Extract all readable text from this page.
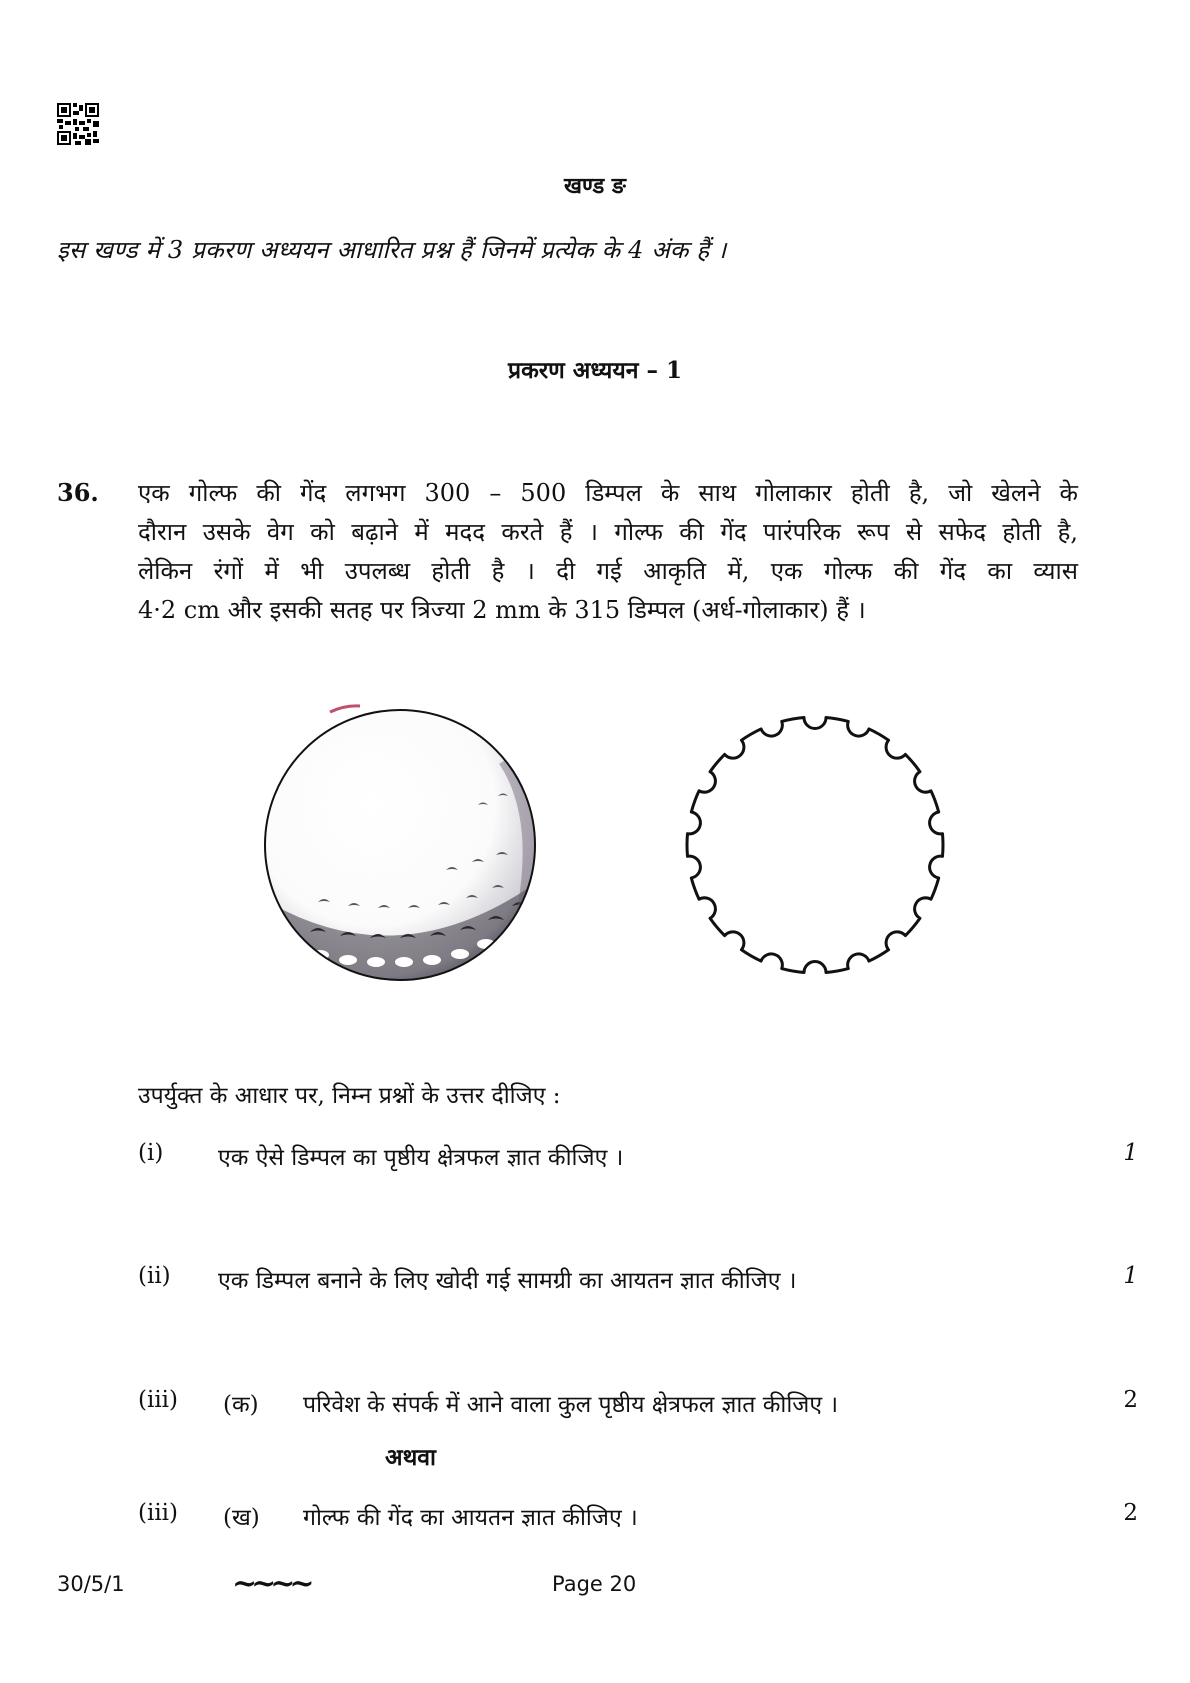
खण्ड ङ
इस खण्ड में 3 प्रकरण अध्ययन आधारित प्रश्न हैं जिनमें प्रत्येक के 4 अंक हैं ।
प्रकरण अध्ययन – 1
36. एक गोल्फ की गेंद लगभग 300 – 500 डिम्पल के साथ गोलाकार होती है, जो खेलने के
दौरान उसके वेग को बढ़ाने में मदद करते हैं । गोल्फ की गेंद पारंपरिक रूप से सफेद होती है,
लेकिन रंगों में भी उपलब्ध होती है । दी गई आकृति में, एक गोल्फ की गेंद का व्यास
4·2 cm और इसकी सतह पर त्रिज्या 2 mm के 315 डिम्पल (अर्ध-गोलाकार) हैं ।
उपर्युक्त के आधार पर, निम्न प्रश्नों के उत्तर दीजिए :
(i) एक ऐसे डिम्पल का पृष्ठीय क्षेत्रफल ज्ञात कीजिए ।	1
(ii) एक डिम्पल बनाने के लिए खोदी गई सामग्री का आयतन ज्ञात कीजिए ।	1
(iii) (क) परिवेश के संपर्क में आने वाला कुल पृष्ठीय क्षेत्रफल ज्ञात कीजिए ।	2
अथवा
(iii) (ख) गोल्फ की गेंद का आयतन ज्ञात कीजिए ।	2
30/5/1	~~~~	Page 20
